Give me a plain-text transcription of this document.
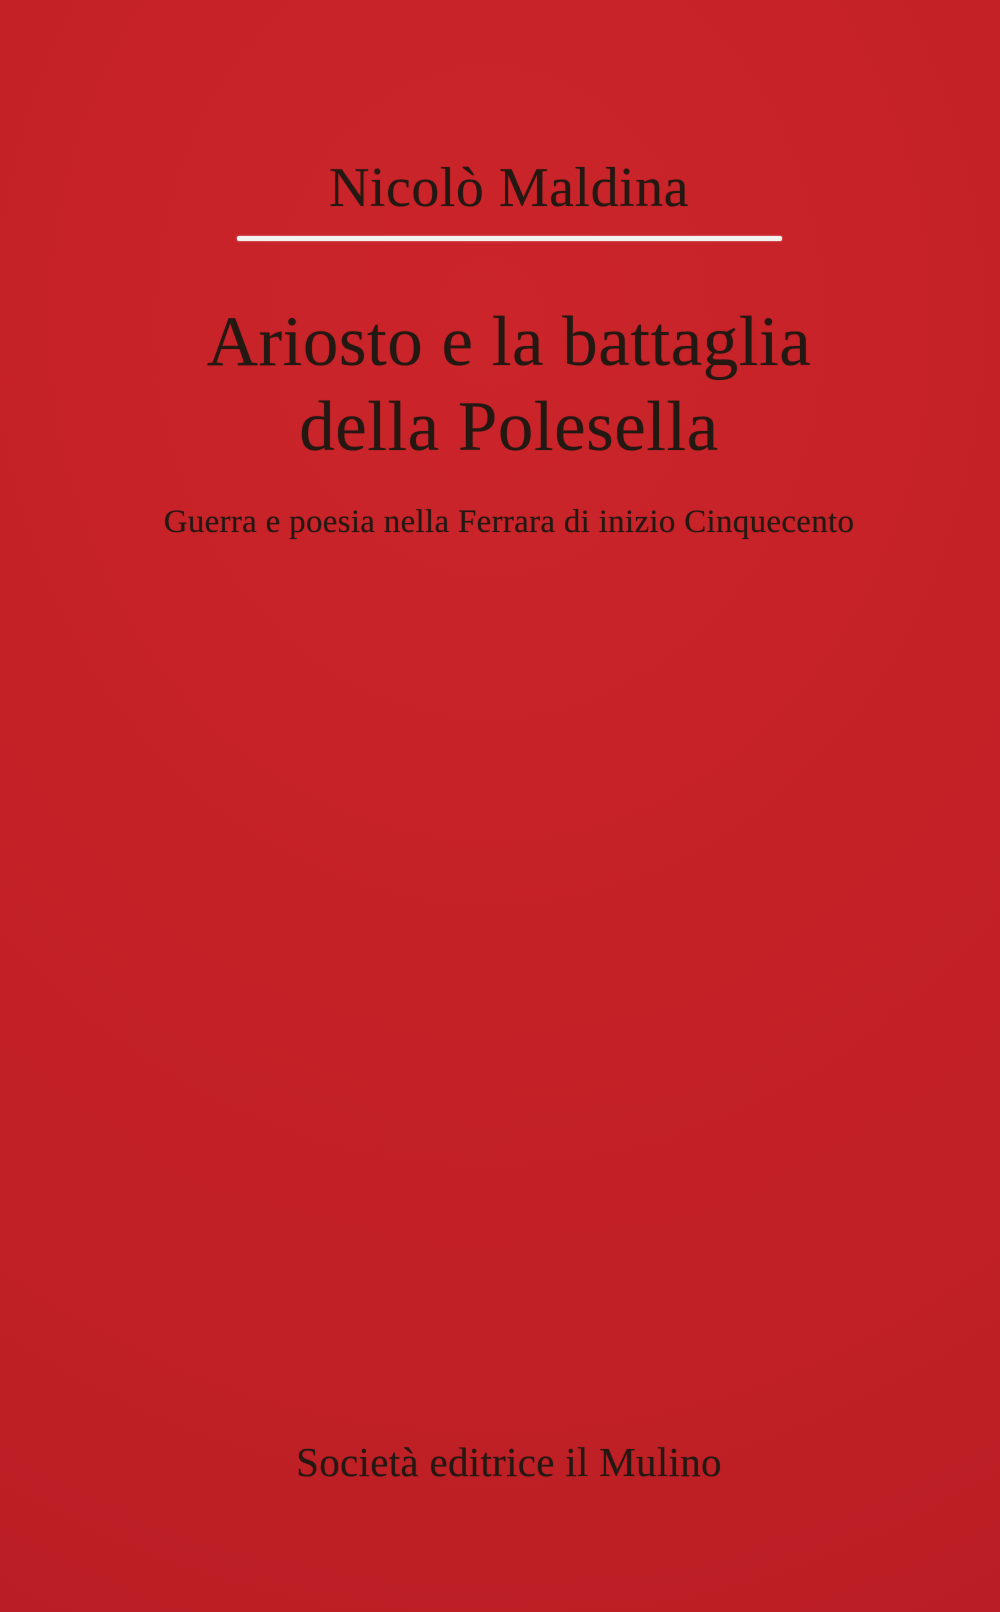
Nicolò Maldina
Ariosto e la battaglia
della Polesella
Guerra e poesia nella Ferrara di inizio Cinquecento
Società editrice il Mulino
